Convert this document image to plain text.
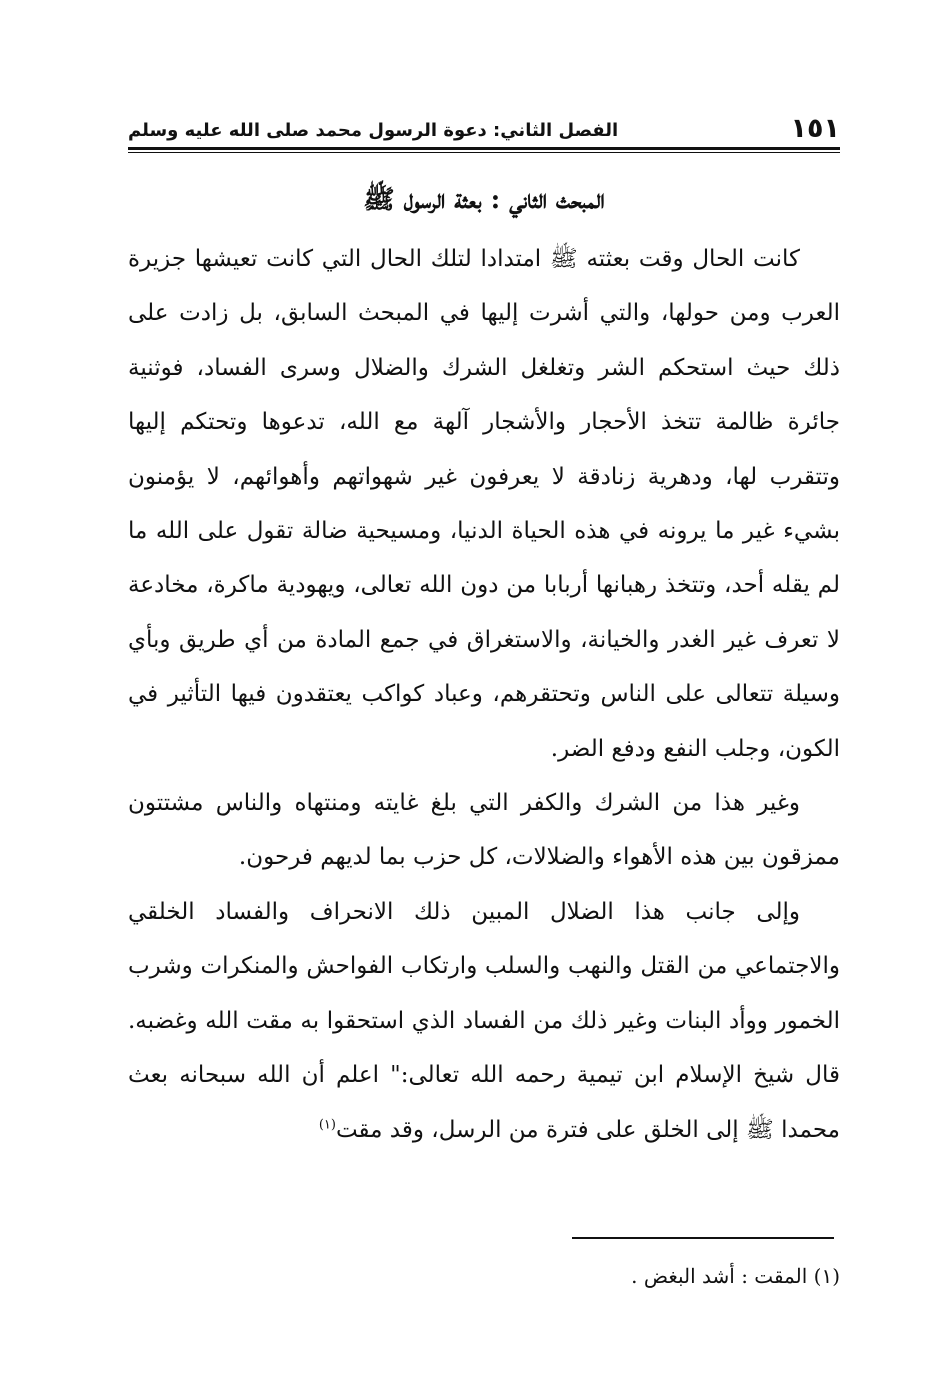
١٥١
الفصل الثاني: دعوة الرسول محمد صلى الله عليه وسلم
المبحث الثاني : بعثة الرسول ﷺ

كانت الحال وقت بعثته ﷺ امتدادا لتلك الحال التي كانت تعيشها جزيرة العرب ومن حولها، والتي أشرت إليها في المبحث السابق، بل زادت على ذلك حيث استحكم الشر وتغلغل الشرك والضلال وسرى الفساد، فوثنية جائرة ظالمة تتخذ الأحجار والأشجار آلهة مع الله، تدعوها وتحتكم إليها وتتقرب لها، ودهرية زنادقة لا يعرفون غير شهواتهم وأهوائهم، لا يؤمنون بشيء غير ما يرونه في هذه الحياة الدنيا، ومسيحية ضالة تقول على الله ما لم يقله أحد، وتتخذ رهبانها أربابا من دون الله تعالى، ويهودية ماكرة، مخادعة لا تعرف غير الغدر والخيانة، والاستغراق في جمع المادة من أي طريق وبأي وسيلة تتعالى على الناس وتحتقرهم، وعباد كواكب يعتقدون فيها التأثير في الكون، وجلب النفع ودفع الضر.

وغير هذا من الشرك والكفر التي بلغ غايته ومنتهاه والناس مشتتون ممزقون بين هذه الأهواء والضلالات، كل حزب بما لديهم فرحون.

وإلى جانب هذا الضلال المبين ذلك الانحراف والفساد الخلقي والاجتماعي من القتل والنهب والسلب وارتكاب الفواحش والمنكرات وشرب الخمور ووأد البنات وغير ذلك من الفساد الذي استحقوا به مقت الله وغضبه. قال شيخ الإسلام ابن تيمية رحمه الله تعالى:" اعلم أن الله سبحانه بعث محمدا ﷺ إلى الخلق على فترة من الرسل، وقد مقت$^{(١)}$

(١) المقت : أشد البغض .
